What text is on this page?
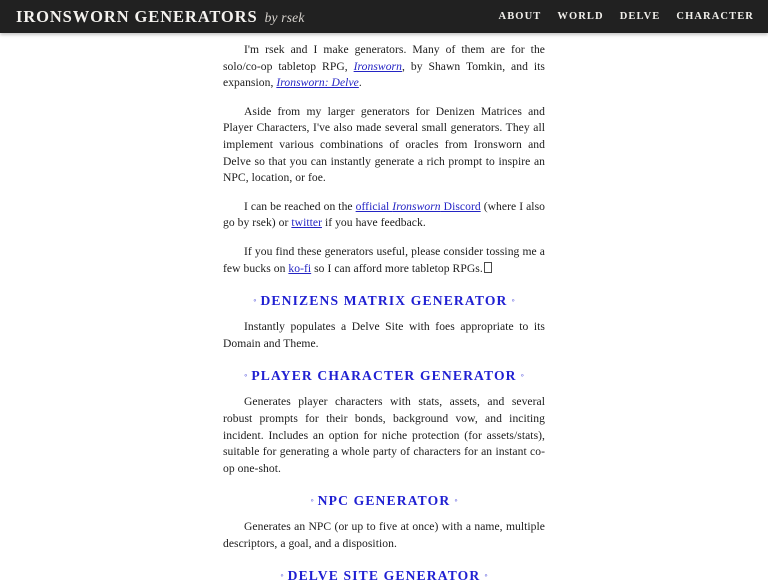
IRONSWORN GENERATORS by rsek	ABOUT WORLD DELVE CHARACTER

I'm rsek and I make generators. Many of them are for the solo/co-op tabletop RPG, Ironsworn, by Shawn Tomkin, and its expansion, Ironsworn: Delve.

Aside from my larger generators for Denizen Matrices and Player Characters, I've also made several small generators. They all implement various combinations of oracles from Ironsworn and Delve so that you can instantly generate a rich prompt to inspire an NPC, location, or foe.

I can be reached on the official Ironsworn Discord (where I also go by rsek) or twitter if you have feedback.

If you find these generators useful, please consider tossing me a few bucks on ko-fi so I can afford more tabletop RPGs.

◦ DENIZENS MATRIX GENERATOR ◦

Instantly populates a Delve Site with foes appropriate to its Domain and Theme.

◦ PLAYER CHARACTER GENERATOR ◦

Generates player characters with stats, assets, and several robust prompts for their bonds, background vow, and inciting incident. Includes an option for niche protection (for assets/stats), suitable for generating a whole party of characters for an instant co-op one-shot.

◦ NPC GENERATOR ◦

Generates an NPC (or up to five at once) with a name, multiple descriptors, a goal, and a disposition.

◦ DELVE SITE GENERATOR ◦
